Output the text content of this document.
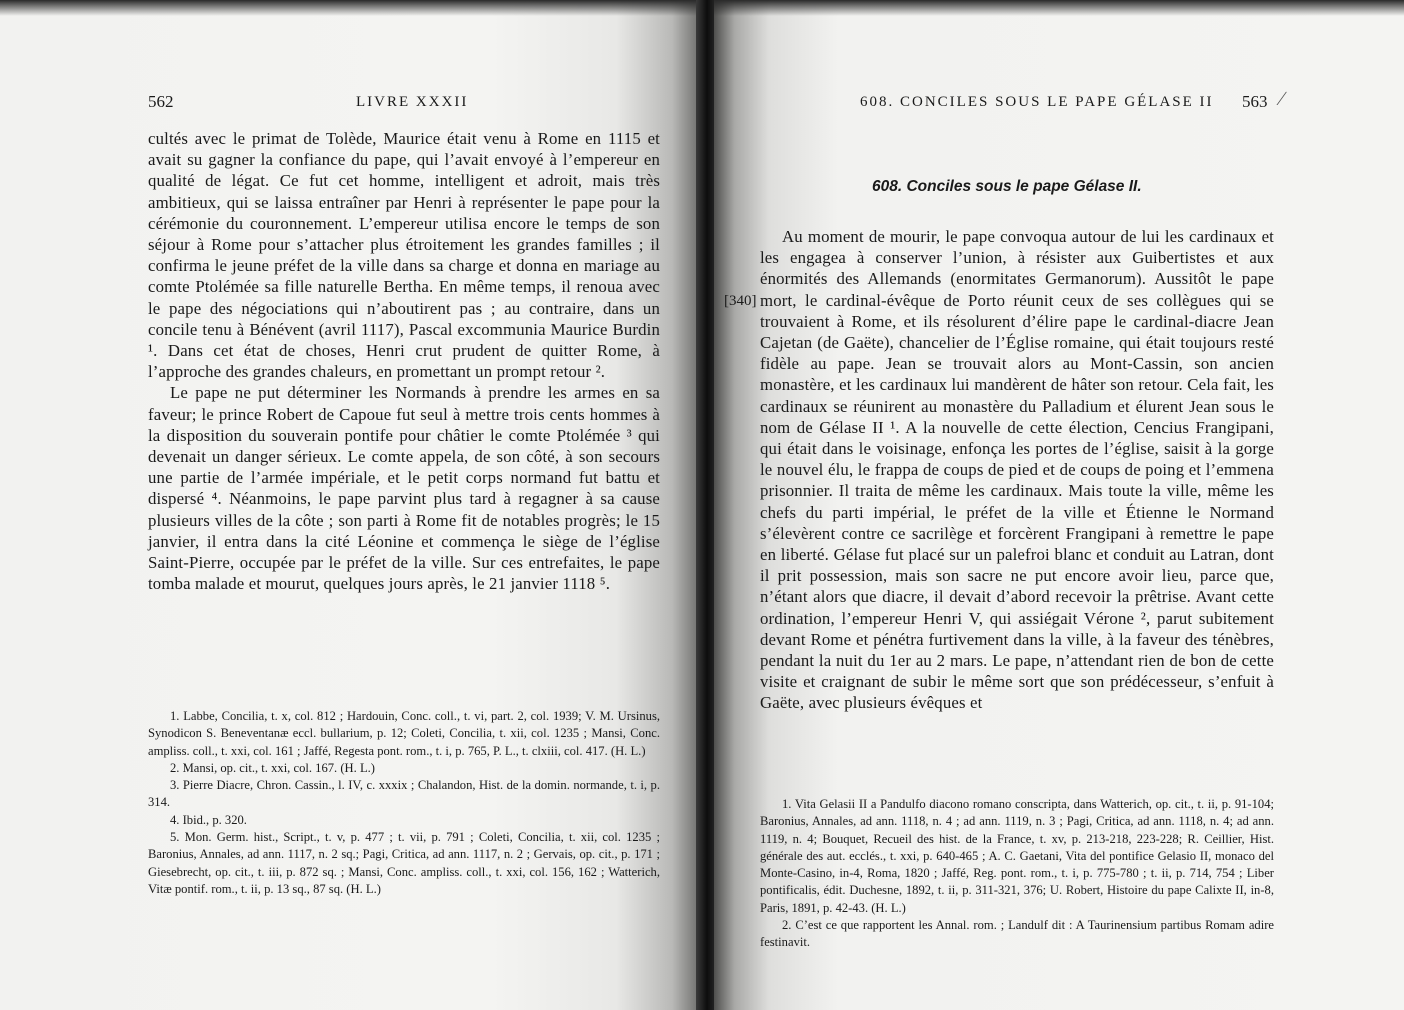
562	LIVRE XXXII

cultés avec le primat de Tolède, Maurice était venu à Rome en 1115 et avait su gagner la confiance du pape, qui l’avait envoyé à l’empereur en qualité de légat. Ce fut cet homme, intelligent et adroit, mais très ambitieux, qui se laissa entraîner par Henri à représenter le pape pour la cérémonie du couronnement. L’empereur utilisa encore le temps de son séjour à Rome pour s’attacher plus étroitement les grandes familles ; il confirma le jeune préfet de la ville dans sa charge et donna en mariage au comte Ptolémée sa fille naturelle Bertha. En même temps, il renoua avec le pape des négociations qui n’aboutirent pas ; au contraire, dans un concile tenu à Bénévent (avril 1117), Pascal excommunia Maurice Burdin ¹. Dans cet état de choses, Henri crut prudent de quitter Rome, à l’approche des grandes chaleurs, en promettant un prompt retour ².

Le pape ne put déterminer les Normands à prendre les armes en sa faveur; le prince Robert de Capoue fut seul à mettre trois cents hommes à la disposition du souverain pontife pour châtier le comte Ptolémée ³ qui devenait un danger sérieux. Le comte appela, de son côté, à son secours une partie de l’armée impériale, et le petit corps normand fut battu et dispersé ⁴. Néanmoins, le pape parvint plus tard à regagner à sa cause plusieurs villes de la côte ; son parti à Rome fit de notables progrès; le 15 janvier, il entra dans la cité Léonine et commença le siège de l’église Saint-Pierre, occupée par le préfet de la ville. Sur ces entrefaites, le pape tomba malade et mourut, quelques jours après, le 21 janvier 1118 ⁵.

1. Labbe, Concilia, t. x, col. 812 ; Hardouin, Conc. coll., t. vi, part. 2, col. 1939; V. M. Ursinus, Synodicon S. Beneventanæ eccl. bullarium, p. 12; Coleti, Concilia, t. xii, col. 1235 ; Mansi, Conc. ampliss. coll., t. xxi, col. 161 ; Jaffé, Regesta pont. rom., t. i, p. 765, P. L., t. clxiii, col. 417. (H. L.)

2. Mansi, op. cit., t. xxi, col. 167. (H. L.)

3. Pierre Diacre, Chron. Cassin., l. IV, c. xxxix ; Chalandon, Hist. de la domin. normande, t. i, p. 314.

4. Ibid., p. 320.

5. Mon. Germ. hist., Script., t. v, p. 477 ; t. vii, p. 791 ; Coleti, Concilia, t. xii, col. 1235 ; Baronius, Annales, ad ann. 1117, n. 2 sq.; Pagi, Critica, ad ann. 1117, n. 2 ; Gervais, op. cit., p. 171 ; Giesebrecht, op. cit., t. iii, p. 872 sq. ; Mansi, Conc. ampliss. coll., t. xxi, col. 156, 162 ; Watterich, Vitæ pontif. rom., t. ii, p. 13 sq., 87 sq. (H. L.)

608. CONCILES SOUS LE PAPE GÉLASE II 563 ∕
608. Conciles sous le pape Gélase II.
[340]

Au moment de mourir, le pape convoqua autour de lui les cardinaux et les engagea à conserver l’union, à résister aux Guibertistes et aux énormités des Allemands (enormitates Germanorum). Aussitôt le pape mort, le cardinal-évêque de Porto réunit ceux de ses collègues qui se trouvaient à Rome, et ils résolurent d’élire pape le cardinal-diacre Jean Cajetan (de Gaëte), chancelier de l’Église romaine, qui était toujours resté fidèle au pape. Jean se trouvait alors au Mont-Cassin, son ancien monastère, et les cardinaux lui mandèrent de hâter son retour. Cela fait, les cardinaux se réunirent au monastère du Palladium et élurent Jean sous le nom de Gélase II ¹. A la nouvelle de cette élection, Cencius Frangipani, qui était dans le voisinage, enfonça les portes de l’église, saisit à la gorge le nouvel élu, le frappa de coups de pied et de coups de poing et l’emmena prisonnier. Il traita de même les cardinaux. Mais toute la ville, même les chefs du parti impérial, le préfet de la ville et Étienne le Normand s’élevèrent contre ce sacrilège et forcèrent Frangipani à remettre le pape en liberté. Gélase fut placé sur un palefroi blanc et conduit au Latran, dont il prit possession, mais son sacre ne put encore avoir lieu, parce que, n’étant alors que diacre, il devait d’abord recevoir la prêtrise. Avant cette ordination, l’empereur Henri V, qui assiégait Vérone ², parut subitement devant Rome et pénétra furtivement dans la ville, à la faveur des ténèbres, pendant la nuit du 1er au 2 mars. Le pape, n’attendant rien de bon de cette visite et craignant de subir le même sort que son prédécesseur, s’enfuit à Gaëte, avec plusieurs évêques et

1. Vita Gelasii II a Pandulfo diacono romano conscripta, dans Watterich, op. cit., t. ii, p. 91-104; Baronius, Annales, ad ann. 1118, n. 4 ; ad ann. 1119, n. 3 ; Pagi, Critica, ad ann. 1118, n. 4; ad ann. 1119, n. 4; Bouquet, Recueil des hist. de la France, t. xv, p. 213-218, 223-228; R. Ceillier, Hist. générale des aut. ecclés., t. xxi, p. 640-465 ; A. C. Gaetani, Vita del pontifice Gelasio II, monaco del Monte-Casino, in-4, Roma, 1820 ; Jaffé, Reg. pont. rom., t. i, p. 775-780 ; t. ii, p. 714, 754 ; Liber pontificalis, édit. Duchesne, 1892, t. ii, p. 311-321, 376; U. Robert, Histoire du pape Calixte II, in-8, Paris, 1891, p. 42-43. (H. L.)

2. C’est ce que rapportent les Annal. rom. ; Landulf dit : A Taurinensium partibus Romam adire festinavit.
